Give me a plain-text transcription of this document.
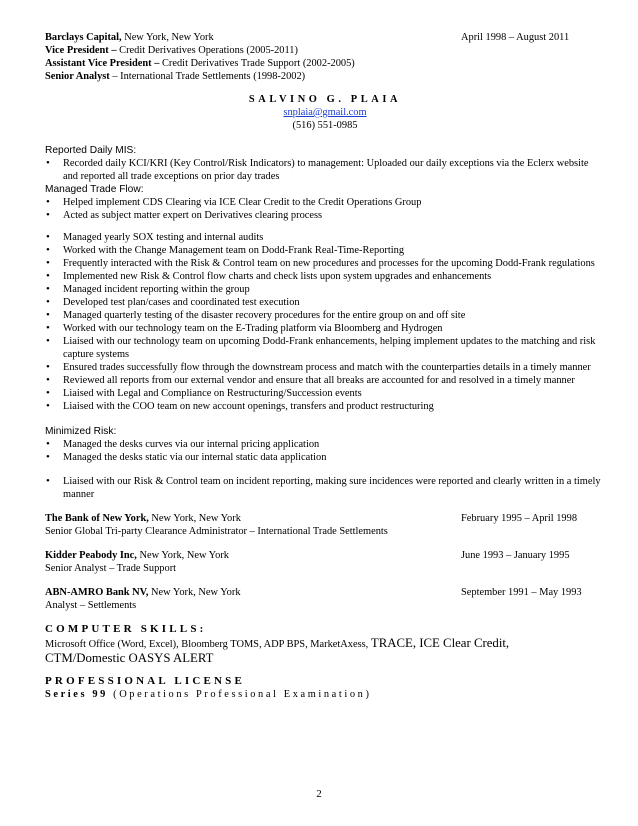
Barclays Capital, New York, New York	April 1998 – August 2011
Vice President – Credit Derivatives Operations (2005-2011)
Assistant Vice President – Credit Derivatives Trade Support (2002-2005)
Senior Analyst – International Trade Settlements (1998-2002)
SALVINO G. PLAIA
snplaia@gmail.com
(516) 551-0985
Reported Daily MIS:
• Recorded daily KCI/KRI (Key Control/Risk Indicators) to management: Uploaded our daily exceptions via the Eclerx website and reported all trade exceptions on prior day trades
Managed Trade Flow:
• Helped implement CDS Clearing via ICE Clear Credit to the Credit Operations Group
• Acted as subject matter expert on Derivatives clearing process
• Managed yearly SOX testing and internal audits
• Worked with the Change Management team on Dodd-Frank Real-Time-Reporting
• Frequently interacted with the Risk & Control team on new procedures and processes for the upcoming Dodd-Frank regulations
• Implemented new Risk & Control flow charts and check lists upon system upgrades and enhancements
• Managed incident reporting within the group
• Developed test plan/cases and coordinated test execution
• Managed quarterly testing of the disaster recovery procedures for the entire group on and off site
• Worked with our technology team on the E-Trading platform via Bloomberg and Hydrogen
• Liaised with our technology team on upcoming Dodd-Frank enhancements, helping implement updates to the matching and risk capture systems
• Ensured trades successfully flow through the downstream process and match with the counterparties details in a timely manner
• Reviewed all reports from our external vendor and ensure that all breaks are accounted for and resolved in a timely manner
• Liaised with Legal and Compliance on Restructuring/Succession events
• Liaised with the COO team on new account openings, transfers and product restructuring
Minimized Risk:
• Managed the desks curves via our internal pricing application
• Managed the desks static via our internal static data application
• Liaised with our Risk & Control team on incident reporting, making sure incidences were reported and clearly written in a timely manner
The Bank of New York, New York, New York	February 1995 – April 1998
Senior Global Tri-party Clearance Administrator – International Trade Settlements
Kidder Peabody Inc, New York, New York	June 1993 – January 1995
Senior Analyst – Trade Support
ABN-AMRO Bank NV, New York, New York	September 1991 – May 1993
Analyst – Settlements
COMPUTER SKILLS:
Microsoft Office (Word, Excel), Bloomberg TOMS, ADP BPS, MarketAxess, TRACE, ICE Clear Credit,
CTM/Domestic OASYS ALERT
PROFESSIONAL LICENSE
Series 99 (Operations Professional Examination)
2
